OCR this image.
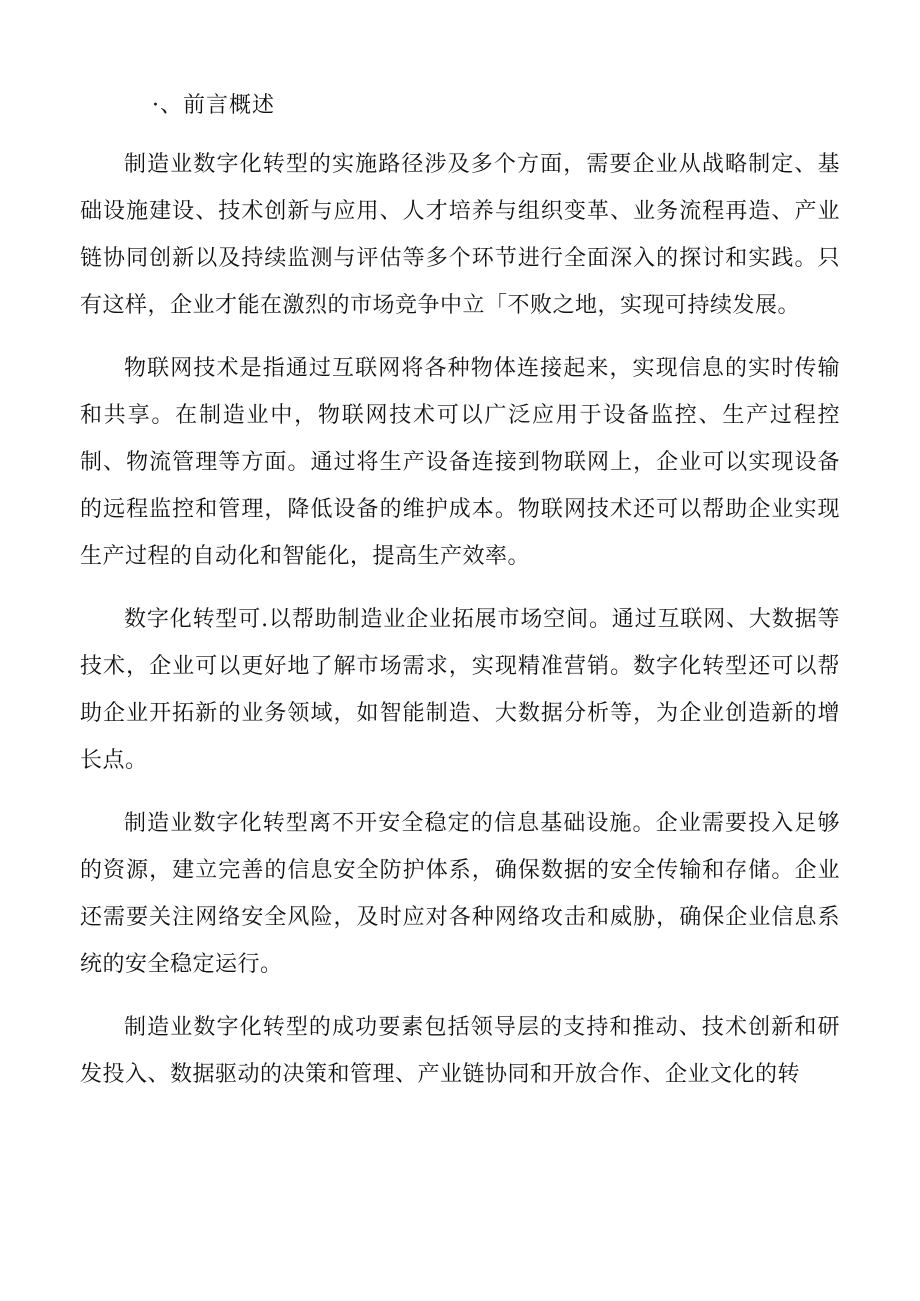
·、前言概述

制造业数字化转型的实施路径涉及多个方面，需要企业从战略制定、基础设施建设、技术创新与应用、人才培养与组织变革、业务流程再造、产业链协同创新以及持续监测与评估等多个环节进行全面深入的探讨和实践。只有这样，企业才能在激烈的市场竞争中立「不败之地，实现可持续发展。

物联网技术是指通过互联网将各种物体连接起来，实现信息的实时传输和共享。在制造业中，物联网技术可以广泛应用于设备监控、生产过程控制、物流管理等方面。通过将生产设备连接到物联网上，企业可以实现设备的远程监控和管理，降低设备的维护成本。物联网技术还可以帮助企业实现生产过程的自动化和智能化，提高生产效率。

数字化转型可.以帮助制造业企业拓展市场空间。通过互联网、大数据等技术，企业可以更好地了解市场需求，实现精准营销。数字化转型还可以帮助企业开拓新的业务领域，如智能制造、大数据分析等，为企业创造新的增长点。

制造业数字化转型离不开安全稳定的信息基础设施。企业需要投入足够的资源，建立完善的信息安全防护体系，确保数据的安全传输和存储。企业还需要关注网络安全风险，及时应对各种网络攻击和威胁，确保企业信息系统的安全稳定运行。

制造业数字化转型的成功要素包括领导层的支持和推动、技术创新和研发投入、数据驱动的决策和管理、产业链协同和开放合作、企业文化的转
